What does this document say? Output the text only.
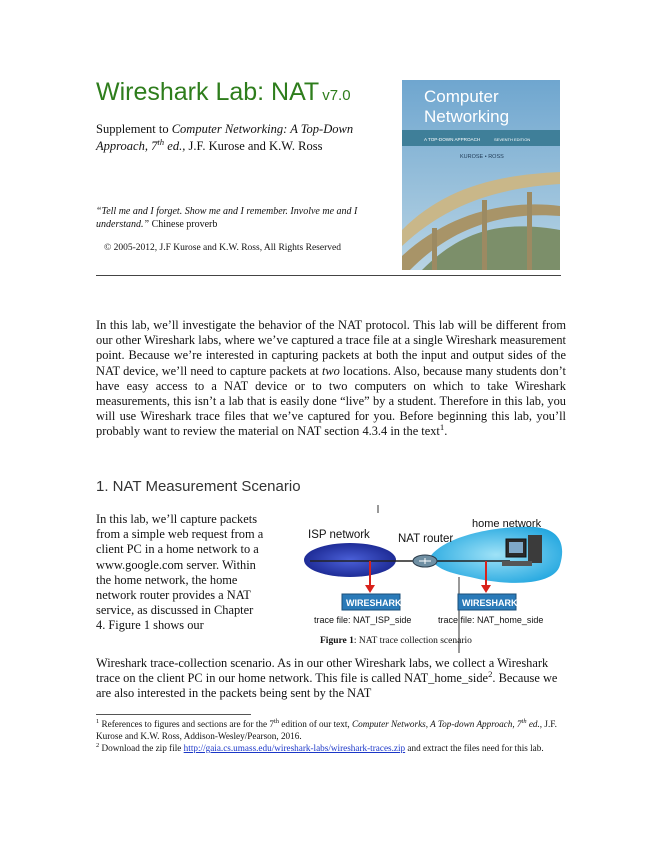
Wireshark Lab: NAT v7.0
Supplement to Computer Networking: A Top-Down Approach, 7th ed., J.F. Kurose and K.W. Ross
“Tell me and I forget. Show me and I remember. Involve me and I understand.” Chinese proverb
© 2005-2012, J.F Kurose and K.W. Ross, All Rights Reserved
Computer
Networking
A TOP-DOWN APPROACH	SEVENTH EDITION
KUROSE • ROSS
In this lab, we’ll investigate the behavior of the NAT protocol. This lab will be different from our other Wireshark labs, where we’ve captured a trace file at a single Wireshark measurement point. Because we’re interested in capturing packets at both the input and output sides of the NAT device, we’ll need to capture packets at two locations. Also, because many students don’t have easy access to a NAT device or to two computers on which to take Wireshark measurements, this isn’t a lab that is easily done “live” by a student. Therefore in this lab, you will use Wireshark trace files that we’ve captured for you. Before beginning this lab, you’ll probably want to review the material on NAT section 4.3.4 in the text$^1$.
1. NAT Measurement Scenario
In this lab, we’ll capture packets from a simple web request from a client PC in a home network to a www.google.com server. Within the home network, the home network router provides a NAT service, as discussed in Chapter 4. Figure 1 shows our
ISP network NAT router
home network
WIRESHARK	WIRESHARK
trace file: NAT_ISP_side	trace file: NAT_home_side
Figure 1: NAT trace collection scenario
Wireshark trace-collection scenario. As in our other Wireshark labs, we collect a Wireshark trace on the client PC in our home network. This file is called NAT_home_side$^2$. Because we are also interested in the packets being sent by the NAT
$^1$ References to figures and sections are for the 7th edition of our text, Computer Networks, A Top-down Approach, 7th ed., J.F. Kurose and K.W. Ross, Addison-Wesley/Pearson, 2016.
$^2$ Download the zip file http://gaia.cs.umass.edu/wireshark-labs/wireshark-traces.zip and extract the files need for this lab.
